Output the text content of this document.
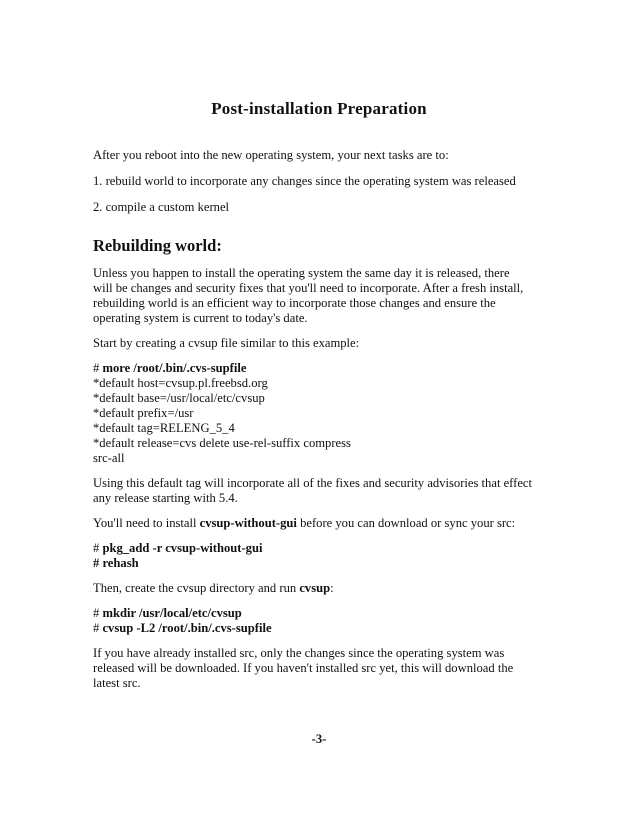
Post-installation Preparation
After you reboot into the new operating system, your next tasks are to:
1. rebuild world to incorporate any changes since the operating system was released
2. compile a custom kernel
Rebuilding world:
Unless you happen to install the operating system the same day it is released, there
will be changes and security fixes that you'll need to incorporate. After a fresh install,
rebuilding world is an efficient way to incorporate those changes and ensure the
operating system is current to today's date.
Start by creating a cvsup file similar to this example:
# more /root/.bin/.cvs-supfile
*default host=cvsup.pl.freebsd.org
*default base=/usr/local/etc/cvsup
*default prefix=/usr
*default tag=RELENG_5_4
*default release=cvs delete use-rel-suffix compress
src-all
Using this default tag will incorporate all of the fixes and security advisories that effect
any release starting with 5.4.
You'll need to install cvsup-without-gui before you can download or sync your src:
# pkg_add -r cvsup-without-gui
# rehash
Then, create the cvsup directory and run cvsup:
# mkdir /usr/local/etc/cvsup
# cvsup -L2 /root/.bin/.cvs-supfile
If you have already installed src, only the changes since the operating system was
released will be downloaded. If you haven't installed src yet, this will download the
latest src.
-3-
